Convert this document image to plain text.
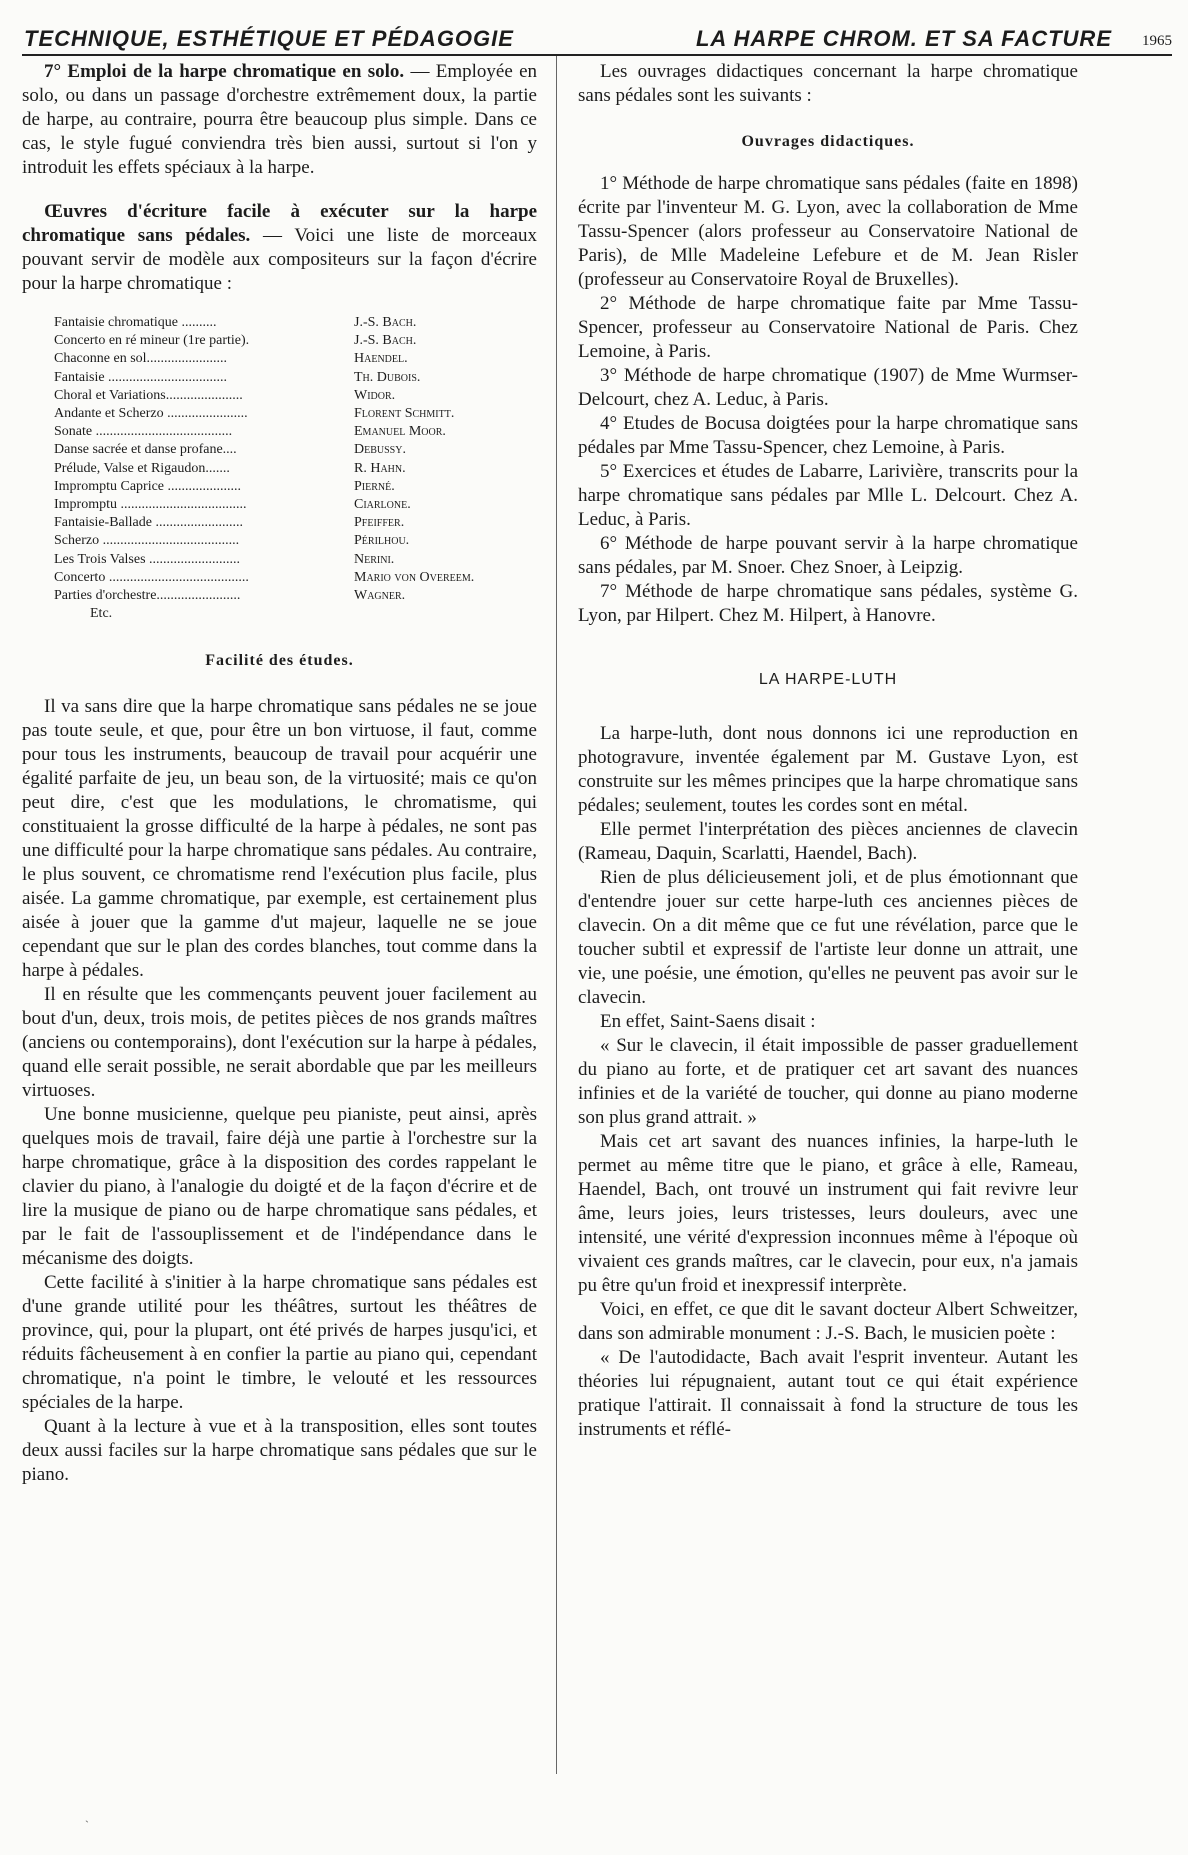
TECHNIQUE, ESTHÉTIQUE ET PÉDAGOGIE	LA HARPE CHROM. ET SA FACTURE 1965

7° Emploi de la harpe chromatique en solo. — Employée en solo, ou dans un passage d'orchestre extrêmement doux, la partie de harpe, au contraire, pourra être beaucoup plus simple. Dans ce cas, le style fugué conviendra très bien aussi, surtout si l'on y introduit les effets spéciaux à la harpe.

Œuvres d'écriture facile à exécuter sur la harpe chromatique sans pédales. — Voici une liste de morceaux pouvant servir de modèle aux compositeurs sur la façon d'écrire pour la harpe chromatique :

Fantaisie chromatique ..........	J.-S. Bach.
Concerto en ré mineur (1re partie).	J.-S. Bach.
Chaconne en sol.......................	Haendel.
Fantaisie ..................................	Th. Dubois.
Choral et Variations......................	Widor.
Andante et Scherzo .......................	Florent Schmitt.
Sonate .......................................	Emanuel Moor.
Danse sacrée et danse profane....	Debussy.
Prélude, Valse et Rigaudon.......	R. Hahn.
Impromptu Caprice .....................	Pierné.
Impromptu ....................................	Ciarlone.
Fantaisie-Ballade .........................	Pfeiffer.
Scherzo .......................................	Périlhou.
Les Trois Valses ..........................	Nerini.
Concerto ........................................	Mario von Overeem.
Parties d'orchestre........................	Wagner.
Etc.

Facilité des études.

Il va sans dire que la harpe chromatique sans pédales ne se joue pas toute seule, et que, pour être un bon virtuose, il faut, comme pour tous les instruments, beaucoup de travail pour acquérir une égalité parfaite de jeu, un beau son, de la virtuosité; mais ce qu'on peut dire, c'est que les modulations, le chromatisme, qui constituaient la grosse difficulté de la harpe à pédales, ne sont pas une difficulté pour la harpe chromatique sans pédales. Au contraire, le plus souvent, ce chromatisme rend l'exécution plus facile, plus aisée. La gamme chromatique, par exemple, est certainement plus aisée à jouer que la gamme d'ut majeur, laquelle ne se joue cependant que sur le plan des cordes blanches, tout comme dans la harpe à pédales.

Il en résulte que les commençants peuvent jouer facilement au bout d'un, deux, trois mois, de petites pièces de nos grands maîtres (anciens ou contemporains), dont l'exécution sur la harpe à pédales, quand elle serait possible, ne serait abordable que par les meilleurs virtuoses.

Une bonne musicienne, quelque peu pianiste, peut ainsi, après quelques mois de travail, faire déjà une partie à l'orchestre sur la harpe chromatique, grâce à la disposition des cordes rappelant le clavier du piano, à l'analogie du doigté et de la façon d'écrire et de lire la musique de piano ou de harpe chromatique sans pédales, et par le fait de l'assouplissement et de l'indépendance dans le mécanisme des doigts.

Cette facilité à s'initier à la harpe chromatique sans pédales est d'une grande utilité pour les théâtres, surtout les théâtres de province, qui, pour la plupart, ont été privés de harpes jusqu'ici, et réduits fâcheusement à en confier la partie au piano qui, cependant chromatique, n'a point le timbre, le velouté et les ressources spéciales de la harpe.

Quant à la lecture à vue et à la transposition, elles sont toutes deux aussi faciles sur la harpe chromatique sans pédales que sur le piano.

Les ouvrages didactiques concernant la harpe chromatique sans pédales sont les suivants :

Ouvrages didactiques.

1° Méthode de harpe chromatique sans pédales (faite en 1898) écrite par l'inventeur M. G. Lyon, avec la collaboration de Mme Tassu-Spencer (alors professeur au Conservatoire National de Paris), de Mlle Madeleine Lefebure et de M. Jean Risler (professeur au Conservatoire Royal de Bruxelles).

2° Méthode de harpe chromatique faite par Mme Tassu-Spencer, professeur au Conservatoire National de Paris. Chez Lemoine, à Paris.

3° Méthode de harpe chromatique (1907) de Mme Wurmser-Delcourt, chez A. Leduc, à Paris.

4° Etudes de Bocusa doigtées pour la harpe chromatique sans pédales par Mme Tassu-Spencer, chez Lemoine, à Paris.

5° Exercices et études de Labarre, Larivière, transcrits pour la harpe chromatique sans pédales par Mlle L. Delcourt. Chez A. Leduc, à Paris.

6° Méthode de harpe pouvant servir à la harpe chromatique sans pédales, par M. Snoer. Chez Snoer, à Leipzig.

7° Méthode de harpe chromatique sans pédales, système G. Lyon, par Hilpert. Chez M. Hilpert, à Hanovre.

LA HARPE-LUTH

La harpe-luth, dont nous donnons ici une reproduction en photogravure, inventée également par M. Gustave Lyon, est construite sur les mêmes principes que la harpe chromatique sans pédales; seulement, toutes les cordes sont en métal.

Elle permet l'interprétation des pièces anciennes de clavecin (Rameau, Daquin, Scarlatti, Haendel, Bach).

Rien de plus délicieusement joli, et de plus émotionnant que d'entendre jouer sur cette harpe-luth ces anciennes pièces de clavecin. On a dit même que ce fut une révélation, parce que le toucher subtil et expressif de l'artiste leur donne un attrait, une vie, une poésie, une émotion, qu'elles ne peuvent pas avoir sur le clavecin.

En effet, Saint-Saens disait :

« Sur le clavecin, il était impossible de passer graduellement du piano au forte, et de pratiquer cet art savant des nuances infinies et de la variété de toucher, qui donne au piano moderne son plus grand attrait. »

Mais cet art savant des nuances infinies, la harpe-luth le permet au même titre que le piano, et grâce à elle, Rameau, Haendel, Bach, ont trouvé un instrument qui fait revivre leur âme, leurs joies, leurs tristesses, leurs douleurs, avec une intensité, une vérité d'expression inconnues même à l'époque où vivaient ces grands maîtres, car le clavecin, pour eux, n'a jamais pu être qu'un froid et inexpressif interprète.

Voici, en effet, ce que dit le savant docteur Albert Schweitzer, dans son admirable monument : J.-S. Bach, le musicien poète :

« De l'autodidacte, Bach avait l'esprit inventeur. Autant les théories lui répugnaient, autant tout ce qui était expérience pratique l'attirait. Il connaissait à fond la structure de tous les instruments et réflé-

`
